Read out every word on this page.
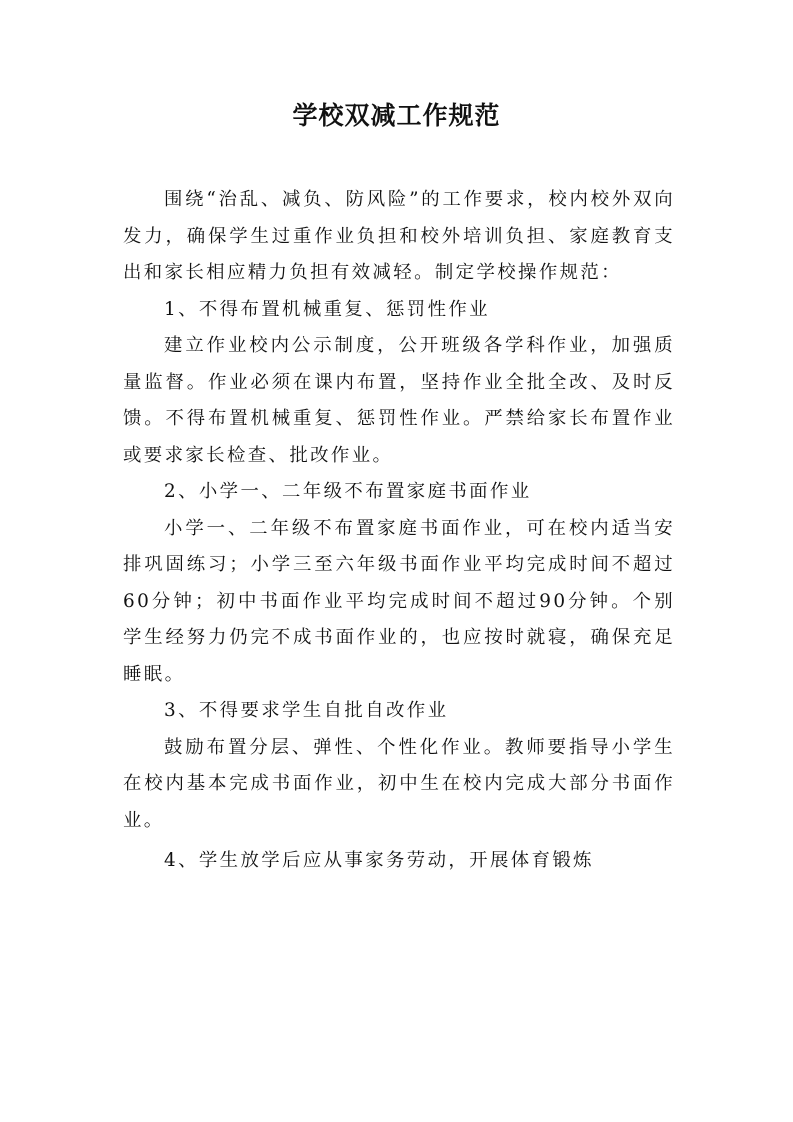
学校双减工作规范

围绕“治乱、减负、防风险”的工作要求，校内校外双向发力，确保学生过重作业负担和校外培训负担、家庭教育支出和家长相应精力负担有效减轻。制定学校操作规范：

1、不得布置机械重复、惩罚性作业

建立作业校内公示制度，公开班级各学科作业，加强质量监督。作业必须在课内布置，坚持作业全批全改、及时反馈。不得布置机械重复、惩罚性作业。严禁给家长布置作业或要求家长检查、批改作业。

2、小学一、二年级不布置家庭书面作业

小学一、二年级不布置家庭书面作业，可在校内适当安排巩固练习；小学三至六年级书面作业平均完成时间不超过60分钟；初中书面作业平均完成时间不超过90分钟。个别学生经努力仍完不成书面作业的，也应按时就寝，确保充足睡眠。

3、不得要求学生自批自改作业

鼓励布置分层、弹性、个性化作业。教师要指导小学生在校内基本完成书面作业，初中生在校内完成大部分书面作业。

4、学生放学后应从事家务劳动，开展体育锻炼
